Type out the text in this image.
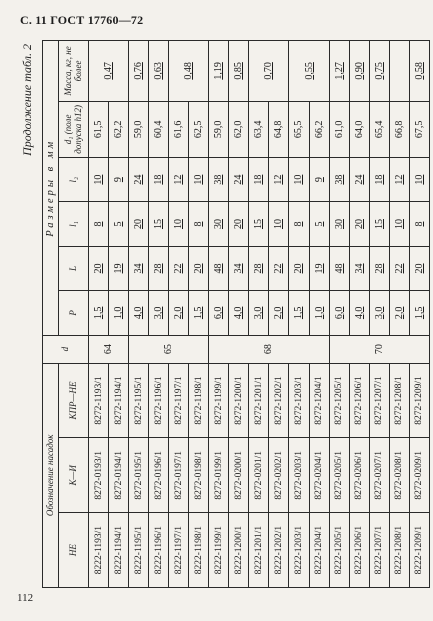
С. 11 ГОСТ 17760—72
Продолжение табл. 2
Обозначение насадок			d	Размеры в мм					
НЕ	К—И	КПР—НЕ		P	L	l₁	l₂	d₁ (поле допуска h12)	Масса, кг, не более
8222-1193/1	8272-0193/1	8272-1193/1	64	1,5	20	8	10	61,5	0,47
8222-1194/1	8272-0194/1	8272-1194/1		1,0	19	5	9	62,2	
8222-1195/1	8272-0195/1	8272-1195/1	65	4,0	34	20	24	59,0	0,76
8222-1196/1	8272-0196/1	8272-1196/1		3,0	28	15	18	60,4	0,63
8222-1197/1	8272-0197/1	8272-1197/1		2,0	22	10	12	61,6	0,48
8222-1198/1	8272-0198/1	8272-1198/1		1,5	20	8	10	62,5	
8222-1199/1	8272-0199/1	8272-1199/1	68	6,0	48	30	38	59,0	1,19
8222-1200/1	8272-0200/1	8272-1200/1		4,0	34	20	24	62,0	0,85
8222-1201/1	8272-0201/1	8272-1201/1		3,0	28	15	18	63,4	0,70
8222-1202/1	8272-0202/1	8272-1202/1		2,0	22	10	12	64,8	
8222-1203/1	8272-0203/1	8272-1203/1		1,5	20	8	10	65,5	0,55
8222-1204/1	8272-0204/1	8272-1204/1		1,0	19	5	9	66,2	
8222-1205/1	8272-0205/1	8272-1205/1	70	6,0	48	30	38	61,0	1,27
8222-1206/1	8272-0206/1	8272-1206/1		4,0	34	20	24	64,0	0,90
8222-1207/1	8272-0207/1	8272-1207/1		3,0	28	15	18	65,4	0,75
8222-1208/1	8272-0208/1	8272-1208/1		2,0	22	10	12	66,8	
8222-1209/1	8272-0209/1	8272-1209/1		1,5	20	8	10	67,5	0,58
112
